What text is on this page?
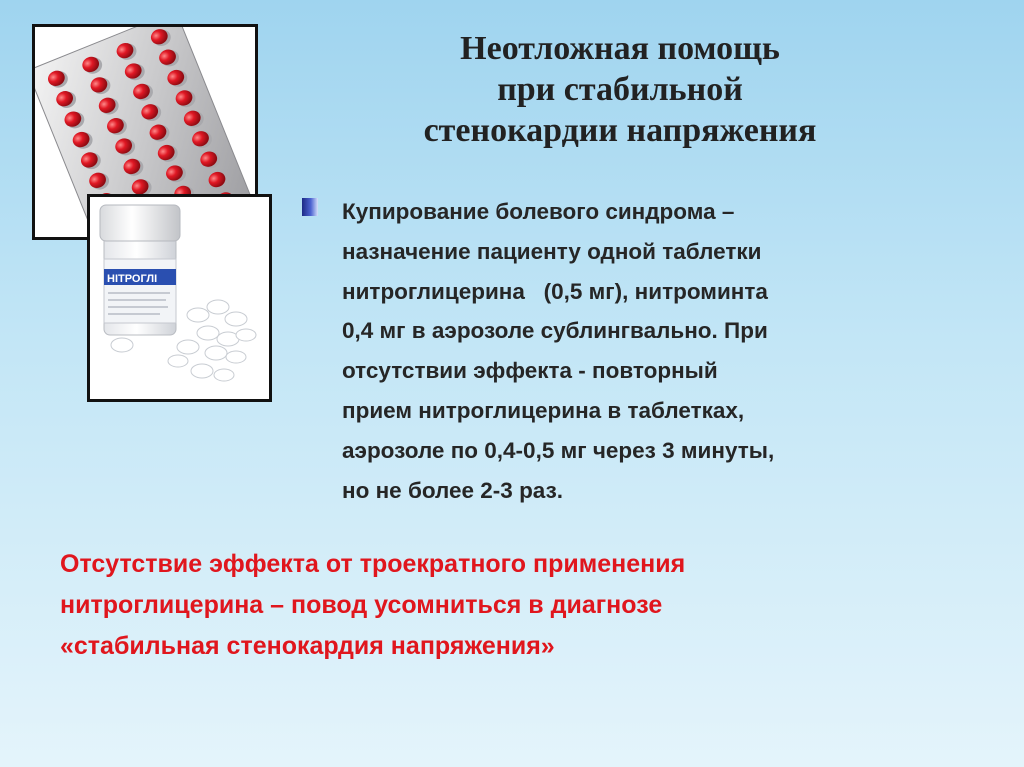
НІТРОГЛІ
Неотложная помощь
при стабильной
стенокардии напряжения
Купирование болевого синдрома –
назначение пациенту одной таблетки
нитроглицерина   (0,5 мг), нитроминта
0,4 мг в аэрозоле сублингвально. При
отсутствии эффекта - повторный
прием нитроглицерина в таблетках,
аэрозоле по 0,4-0,5 мг через 3 минуты,
но не более 2-3 раз.
Отсутствие эффекта от троекратного применения
нитроглицерина – повод усомниться в диагнозе
«стабильная стенокардия напряжения»
